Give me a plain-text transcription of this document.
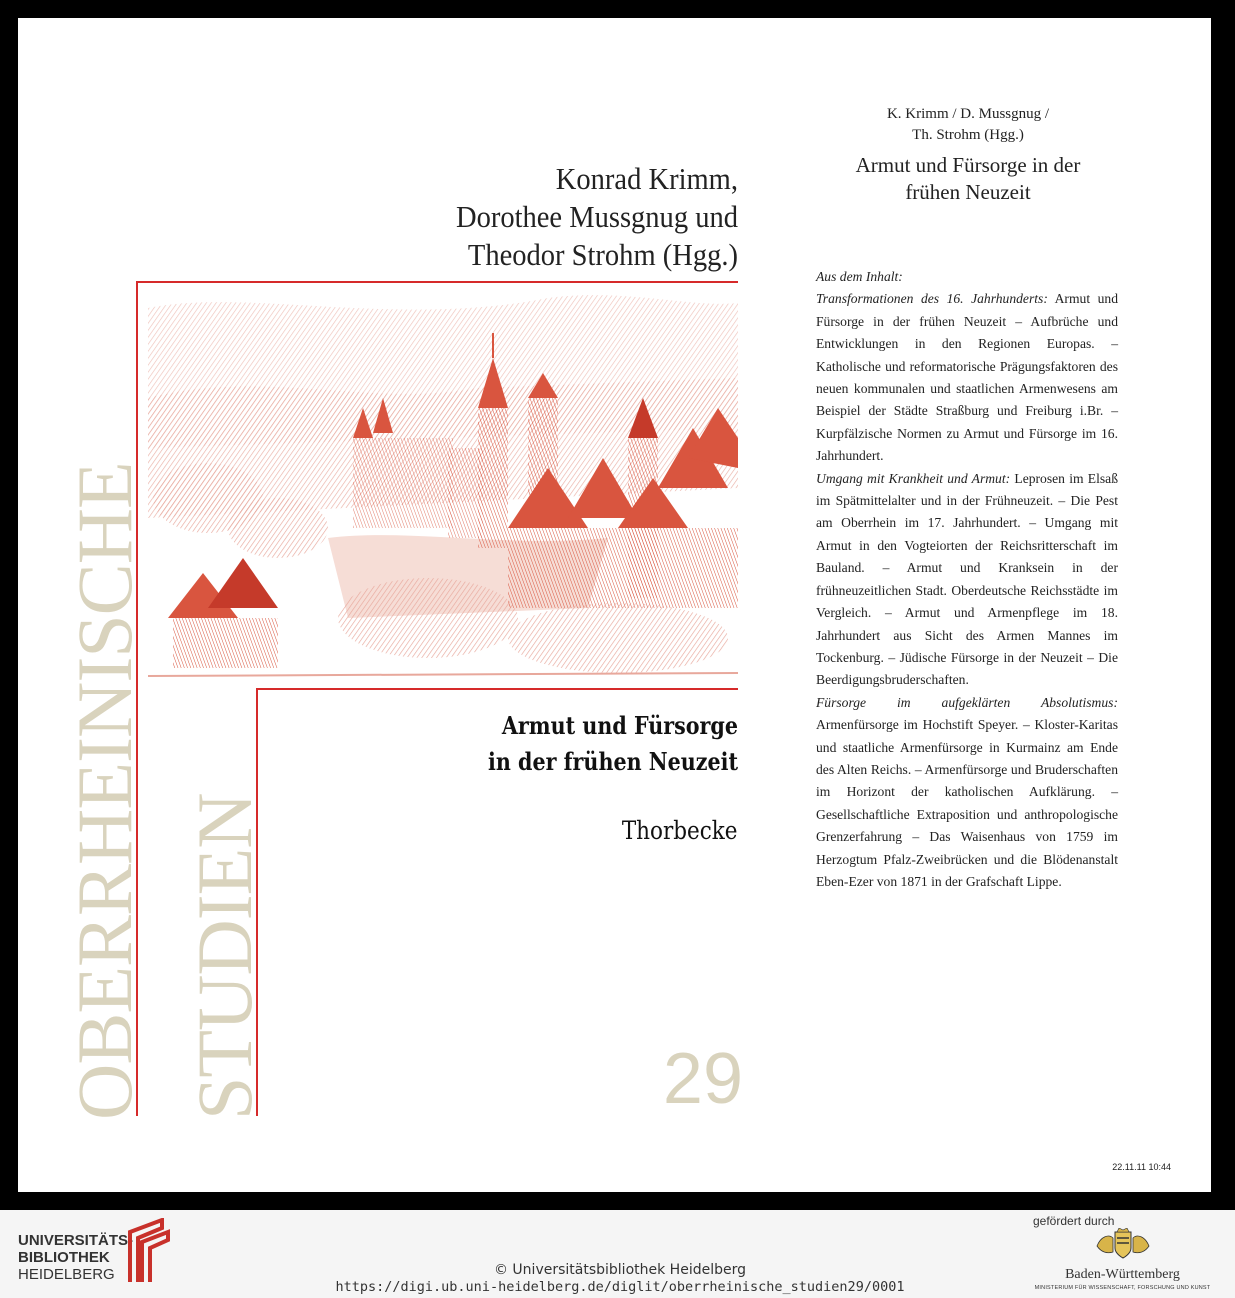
Konrad Krimm,
Dorothee Mussgnug und
Theodor Strohm (Hgg.)
OBERRHEINISCHE STUDIEN
Armut und Fürsorge
in der frühen Neuzeit
Thorbecke
29
K. Krimm / D. Mussgnug /
Th. Strohm (Hgg.)
Armut und Fürsorge in der
frühen Neuzeit

Aus dem Inhalt:

Transformationen des 16. Jahrhunderts: Armut und Fürsorge in der frühen Neuzeit – Aufbrüche und Entwicklungen in den Regionen Europas. – Katholische und reformatorische Prägungsfaktoren des neuen kommunalen und staatlichen Armenwesens am Beispiel der Städte Straßburg und Freiburg i.Br. – Kurpfälzische Normen zu Armut und Fürsorge im 16. Jahrhundert.

Umgang mit Krankheit und Armut: Leprosen im Elsaß im Spätmittelalter und in der Frühneuzeit. – Die Pest am Oberrhein im 17. Jahrhundert. – Umgang mit Armut in den Vogteiorten der Reichsritterschaft im Bauland. – Armut und Kranksein in der frühneuzeitlichen Stadt. Oberdeutsche Reichsstädte im Vergleich. – Armut und Armenpflege im 18. Jahrhundert aus Sicht des Armen Mannes im Tockenburg. – Jüdische Fürsorge in der Neuzeit – Die Beerdigungsbruderschaften.

Fürsorge im aufgeklärten Absolutismus: Armenfürsorge im Hochstift Speyer. – Kloster-Karitas und staatliche Armenfürsorge in Kurmainz am Ende des Alten Reichs. – Armenfürsorge und Bruderschaften im Horizont der katholischen Aufklärung. – Gesellschaftliche Extraposition und anthropologische Grenzerfahrung – Das Waisenhaus von 1759 im Herzogtum Pfalz-Zweibrücken und die Blödenanstalt Eben-Ezer von 1871 in der Grafschaft Lippe.

22.11.11 10:44
UNIVERSITÄTS-
BIBLIOTHEK
HEIDELBERG	© Universitätsbibliothek Heidelberg
https://digi.ub.uni-heidelberg.de/diglit/oberrheinische_studien29/0001
gefördert durch
Baden-Württemberg
MINISTERIUM FÜR WISSENSCHAFT, FORSCHUNG UND KUNST
